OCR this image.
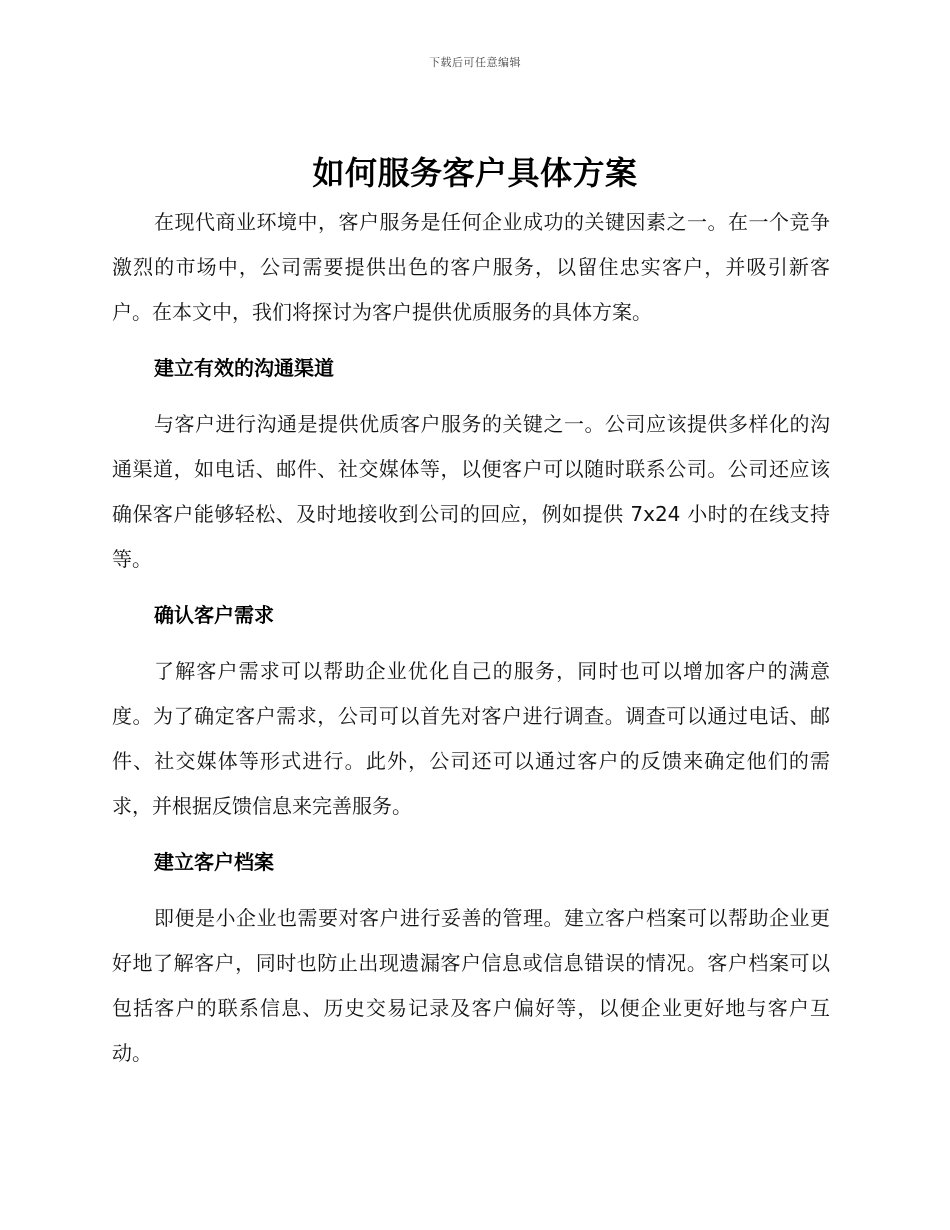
下载后可任意编辑
如何服务客户具体方案

在现代商业环境中，客户服务是任何企业成功的关键因素之一。在一个竞争激烈的市场中，公司需要提供出色的客户服务，以留住忠实客户，并吸引新客户。在本文中，我们将探讨为客户提供优质服务的具体方案。

建立有效的沟通渠道

与客户进行沟通是提供优质客户服务的关键之一。公司应该提供多样化的沟通渠道，如电话、邮件、社交媒体等，以便客户可以随时联系公司。公司还应该确保客户能够轻松、及时地接收到公司的回应，例如提供 7x24 小时的在线支持等。

确认客户需求

了解客户需求可以帮助企业优化自己的服务，同时也可以增加客户的满意度。为了确定客户需求，公司可以首先对客户进行调查。调查可以通过电话、邮件、社交媒体等形式进行。此外，公司还可以通过客户的反馈来确定他们的需求，并根据反馈信息来完善服务。

建立客户档案

即便是小企业也需要对客户进行妥善的管理。建立客户档案可以帮助企业更好地了解客户，同时也防止出现遗漏客户信息或信息错误的情况。客户档案可以包括客户的联系信息、历史交易记录及客户偏好等，以便企业更好地与客户互动。
